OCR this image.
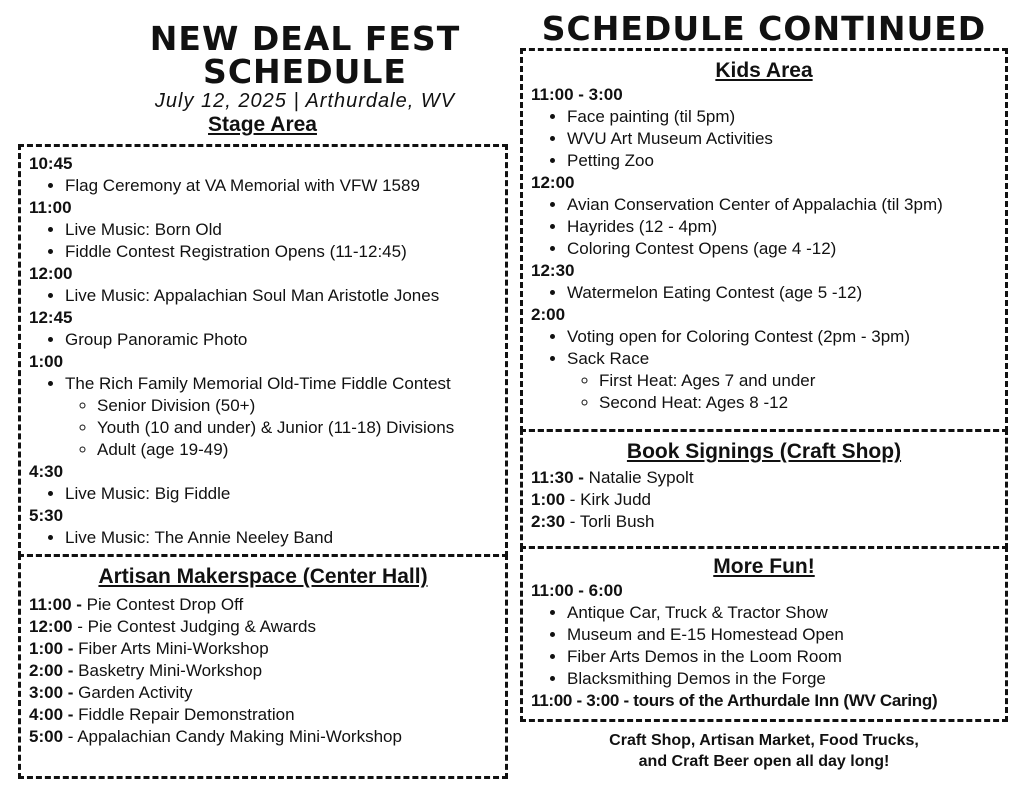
NEW DEAL FEST
SCHEDULE
July 12, 2025 | Arthurdale, WV
SCHEDULE CONTINUED
Stage Area
10:45
• Flag Ceremony at VA Memorial with VFW 1589
11:00
• Live Music: Born Old
• Fiddle Contest Registration Opens (11-12:45)
12:00
• Live Music: Appalachian Soul Man Aristotle Jones
12:45
• Group Panoramic Photo
1:00
• The Rich Family Memorial Old-Time Fiddle Contest
◦ Senior Division (50+)
◦ Youth (10 and under) & Junior (11-18) Divisions
◦ Adult (age 19-49)
4:30
• Live Music: Big Fiddle
5:30
• Live Music: The Annie Neeley Band
Artisan Makerspace (Center Hall)
11:00 - Pie Contest Drop Off
12:00 - Pie Contest Judging & Awards
1:00 - Fiber Arts Mini-Workshop
2:00 - Basketry Mini-Workshop
3:00 - Garden Activity
4:00 - Fiddle Repair Demonstration
5:00 - Appalachian Candy Making Mini-Workshop
Kids Area
11:00 - 3:00
• Face painting (til 5pm)
• WVU Art Museum Activities
• Petting Zoo
12:00
• Avian Conservation Center of Appalachia (til 3pm)
• Hayrides (12 - 4pm)
• Coloring Contest Opens (age 4 -12)
12:30
• Watermelon Eating Contest (age 5 -12)
2:00
• Voting open for Coloring Contest (2pm - 3pm)
• Sack Race
◦ First Heat: Ages 7 and under
◦ Second Heat: Ages 8 -12
Book Signings (Craft Shop)
11:30 - Natalie Sypolt
1:00 - Kirk Judd
2:30 - Torli Bush
More Fun!
11:00 - 6:00
• Antique Car, Truck & Tractor Show
• Museum and E-15 Homestead Open
• Fiber Arts Demos in the Loom Room
• Blacksmithing Demos in the Forge
11:00 - 3:00 - tours of the Arthurdale Inn (WV Caring)
Craft Shop, Artisan Market, Food Trucks,
and Craft Beer open all day long!
